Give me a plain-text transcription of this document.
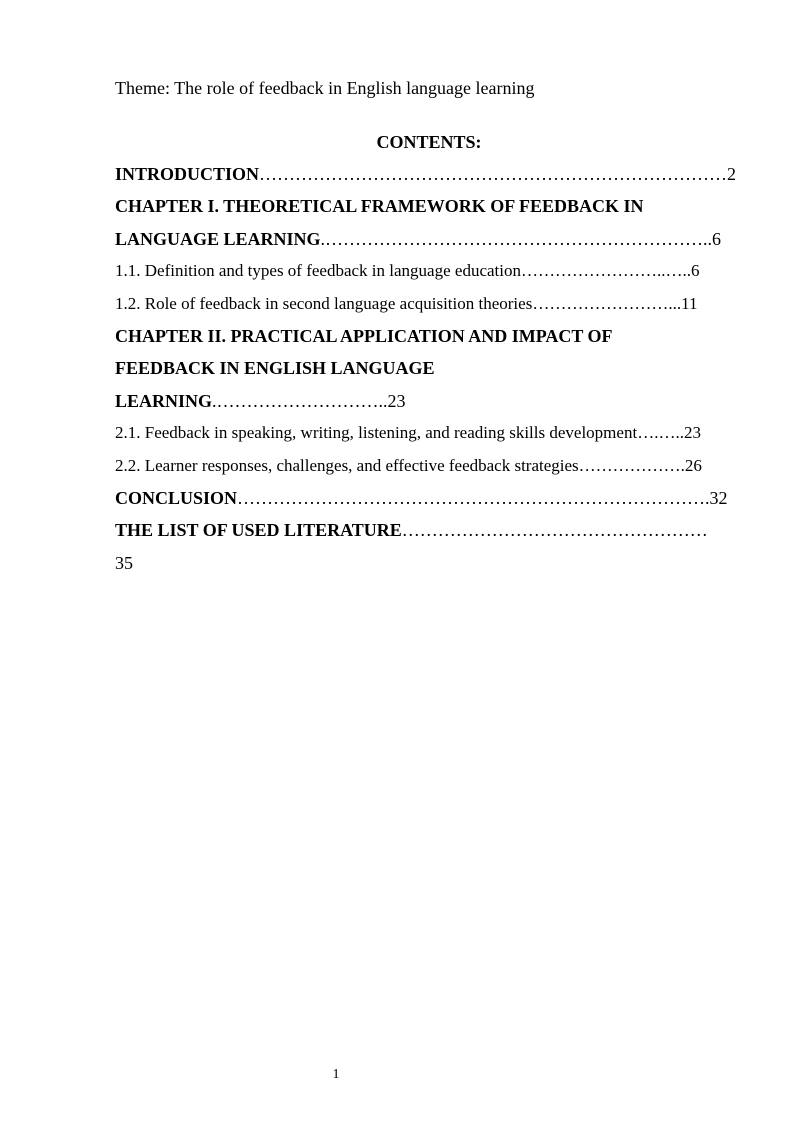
Theme: The role of feedback in English language learning
CONTENTS:
INTRODUCTION……………………………………………………………………2
CHAPTER I. THEORETICAL FRAMEWORK OF FEEDBACK IN
LANGUAGE LEARNING.………………………………………………………..6
1.1. Definition and types of feedback in language education……………………..…..6
1.2. Role of feedback in second language acquisition theories……………………...11
CHAPTER II. PRACTICAL APPLICATION AND IMPACT OF
FEEDBACK IN ENGLISH LANGUAGE
LEARNING.………………………..23
2.1. Feedback in speaking, writing, listening, and reading skills development….…..23
2.2. Learner responses, challenges, and effective feedback strategies……………….26
CONCLUSION…………………………………………………………………….32
THE LIST OF USED LITERATURE……………………………………………
35
1
